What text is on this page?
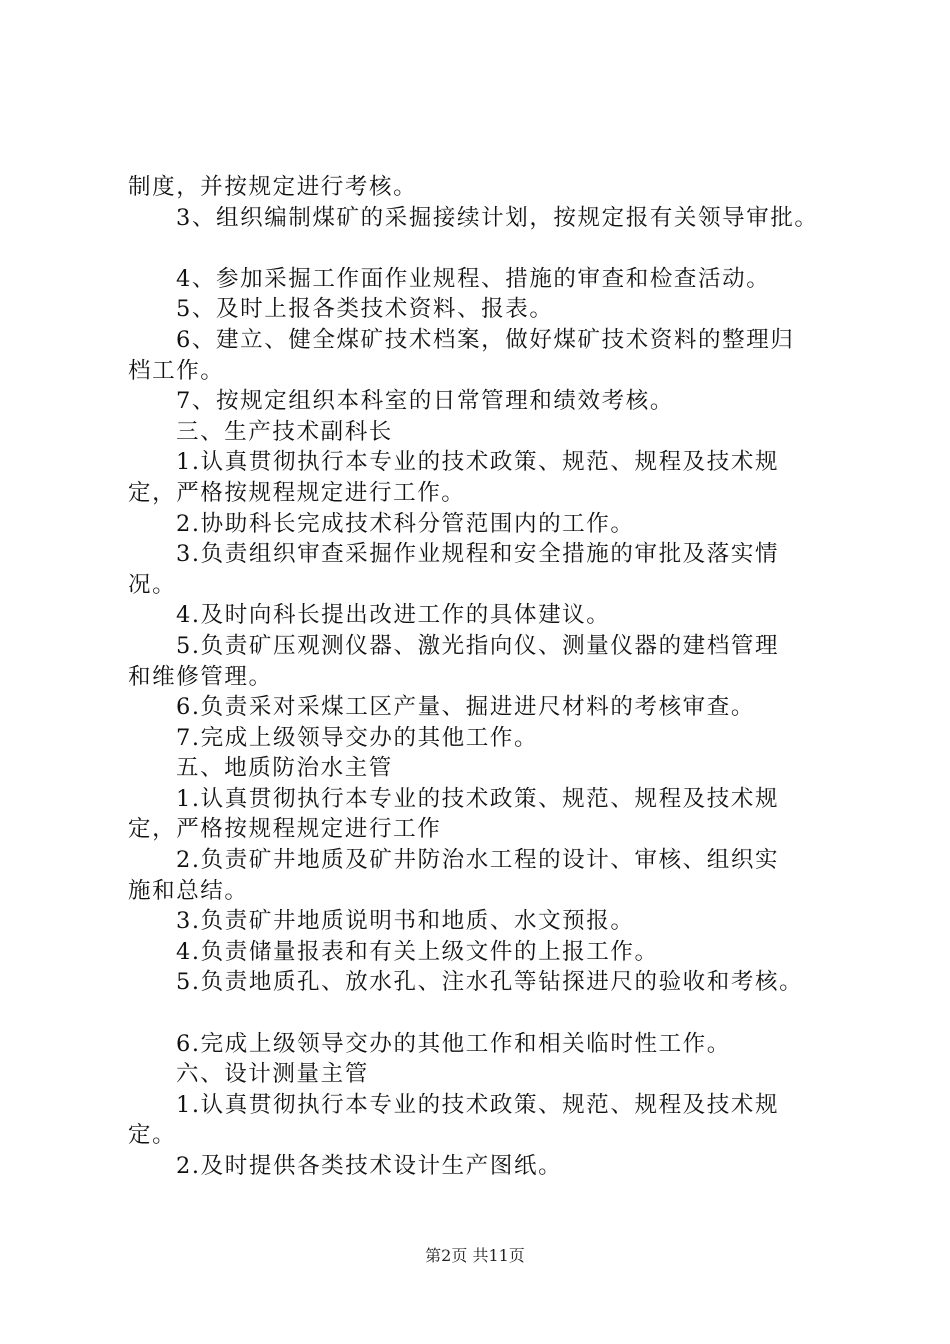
制度，并按规定进行考核。
3、组织编制煤矿的采掘接续计划，按规定报有关领导审批。
4、参加采掘工作面作业规程、措施的审查和检查活动。
5、及时上报各类技术资料、报表。
6、建立、健全煤矿技术档案，做好煤矿技术资料的整理归
档工作。
7、按规定组织本科室的日常管理和绩效考核。
三、生产技术副科长
1.认真贯彻执行本专业的技术政策、规范、规程及技术规
定，严格按规程规定进行工作。
2.协助科长完成技术科分管范围内的工作。
3.负责组织审查采掘作业规程和安全措施的审批及落实情
况。
4.及时向科长提出改进工作的具体建议。
5.负责矿压观测仪器、激光指向仪、测量仪器的建档管理
和维修管理。
6.负责采对采煤工区产量、掘进进尺材料的考核审查。
7.完成上级领导交办的其他工作。
五、地质防治水主管
1.认真贯彻执行本专业的技术政策、规范、规程及技术规
定，严格按规程规定进行工作
2.负责矿井地质及矿井防治水工程的设计、审核、组织实
施和总结。
3.负责矿井地质说明书和地质、水文预报。
4.负责储量报表和有关上级文件的上报工作。
5.负责地质孔、放水孔、注水孔等钻探进尺的验收和考核。
6.完成上级领导交办的其他工作和相关临时性工作。
六、设计测量主管
1.认真贯彻执行本专业的技术政策、规范、规程及技术规
定。
2.及时提供各类技术设计生产图纸。
第2页 共11页
